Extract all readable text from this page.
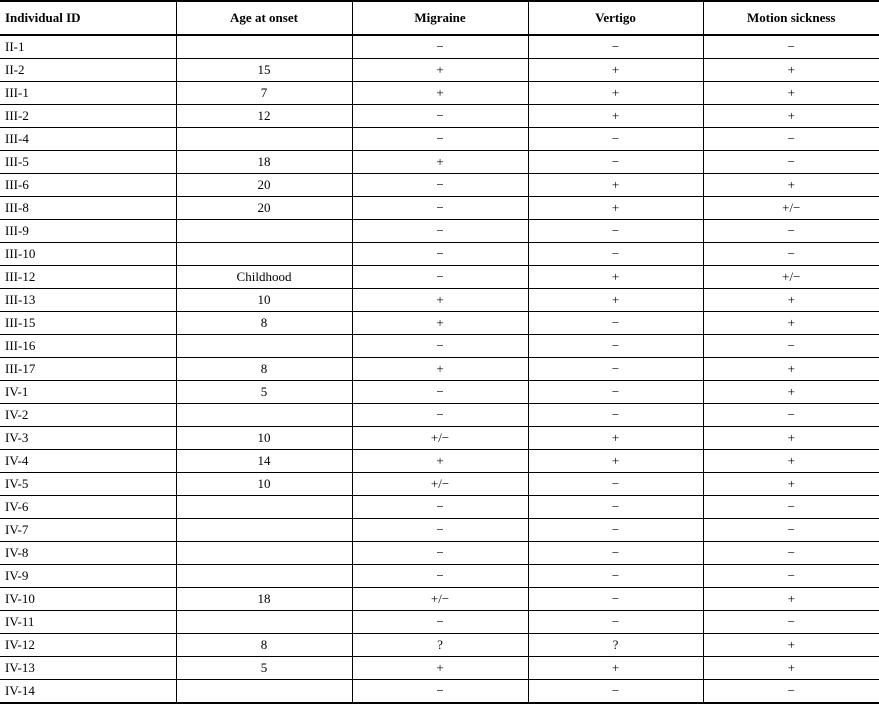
Individual ID	Age at onset	Migraine	Vertigo	Motion sickness
II-1		−	−	−
II-2	15	+	+	+
III-1	7	+	+	+
III-2	12	−	+	+
III-4		−	−	−
III-5	18	+	−	−
III-6	20	−	+	+
III-8	20	−	+	+/−
III-9		−	−	−
III-10		−	−	−
III-12	Childhood	−	+	+/−
III-13	10	+	+	+
III-15	8	+	−	+
III-16		−	−	−
III-17	8	+	−	+
IV-1	5	−	−	+
IV-2		−	−	−
IV-3	10	+/−	+	+
IV-4	14	+	+	+
IV-5	10	+/−	−	+
IV-6		−	−	−
IV-7		−	−	−
IV-8		−	−	−
IV-9		−	−	−
IV-10	18	+/−	−	+
IV-11		−	−	−
IV-12	8	?	?	+
IV-13	5	+	+	+
IV-14		−	−	−
